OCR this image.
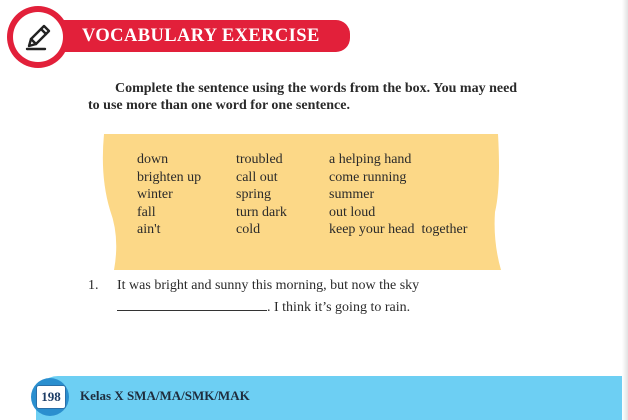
VOCABULARY EXERCISE
Complete the sentence using the words from the box. You may need to use more than one word for one sentence.
down
brighten up
winter
fall
ain't
troubled
call out
spring
turn dark
cold
a helping hand
come running
summer
out loud
keep your head  together
1. It was bright and sunny this morning, but now the sky
. I think it’s going to rain.
198	Kelas X SMA/MA/SMK/MAK
